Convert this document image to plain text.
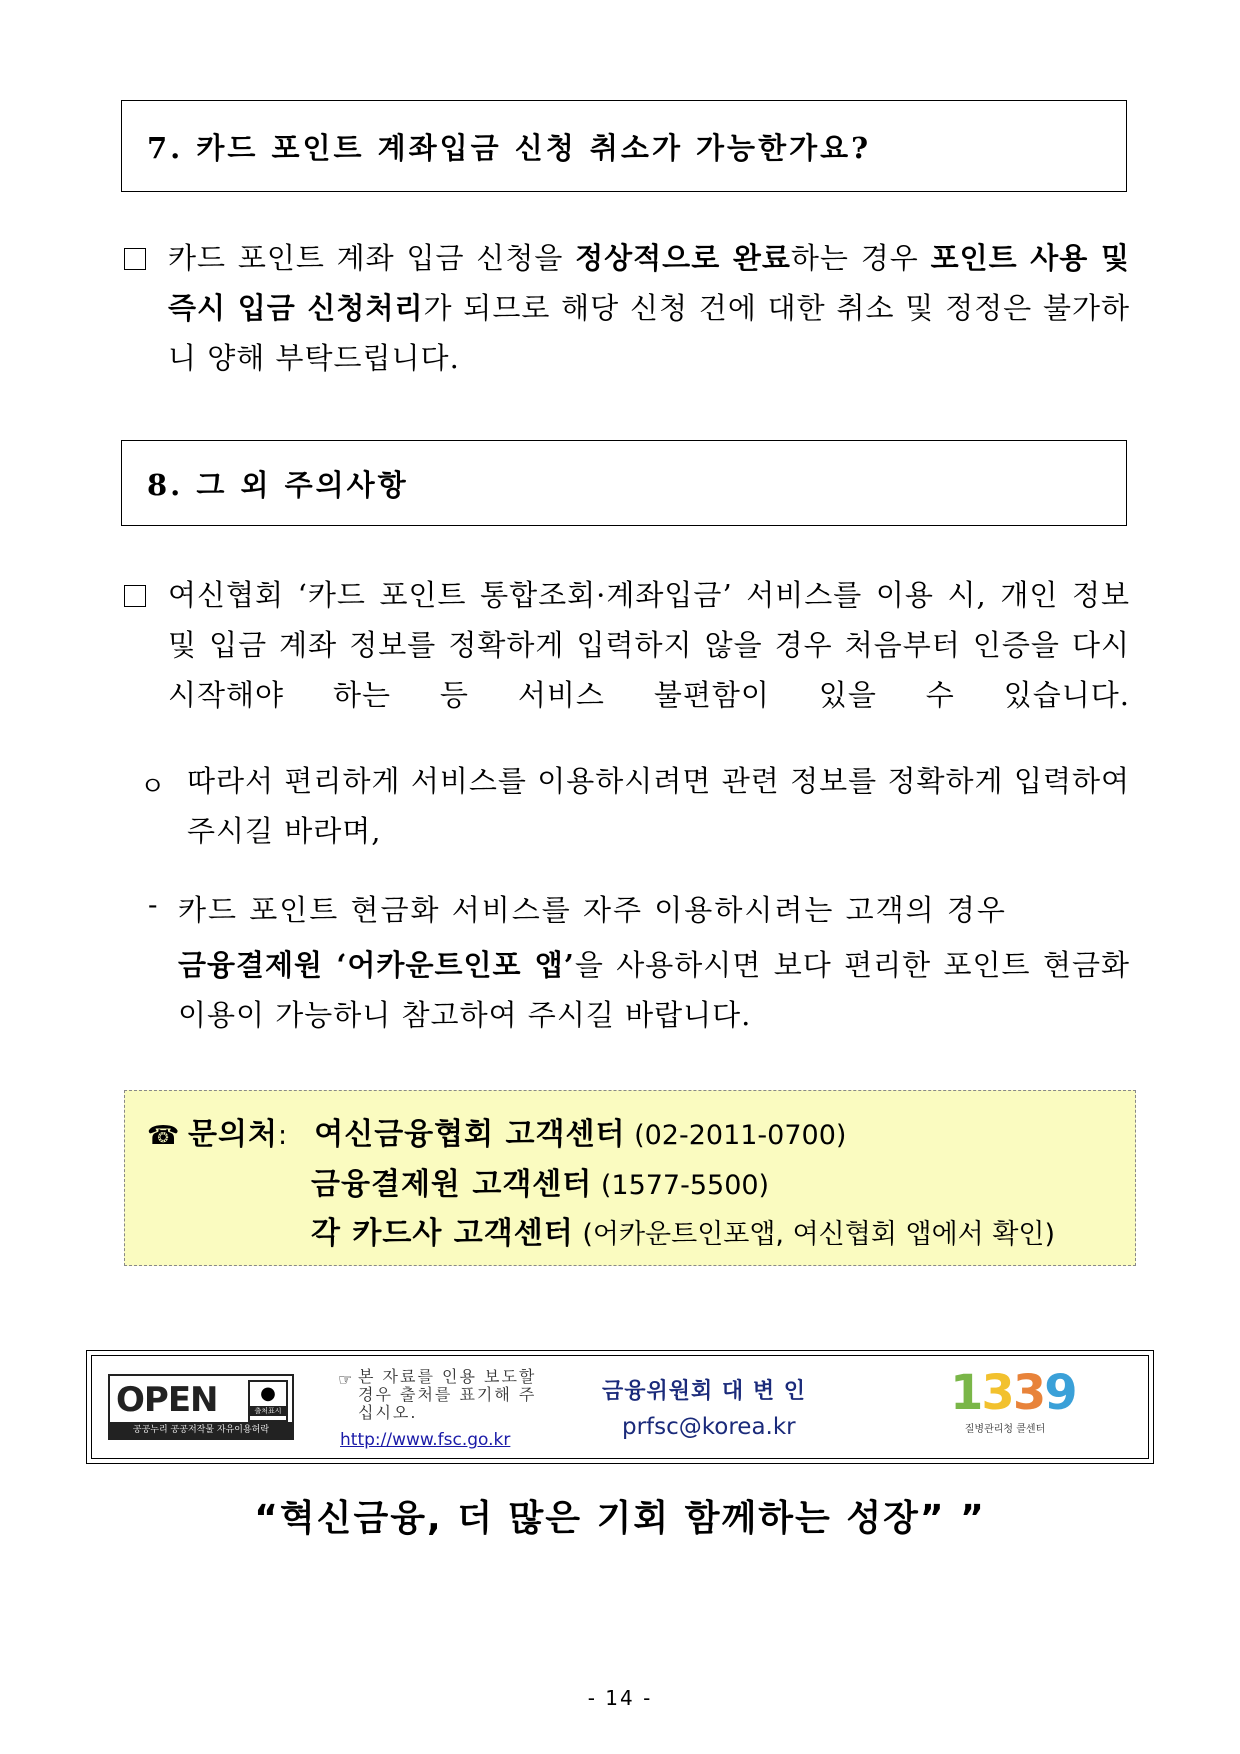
7. 카드 포인트 계좌입금 신청 취소가 가능한가요?
카드 포인트 계좌 입금 신청을 정상적으로 완료하는 경우 포인트 사용 및 즉시 입금 신청처리가 되므로 해당 신청 건에 대한 취소 및 정정은 불가하니 양해 부탁드립니다.
8. 그 외 주의사항
여신협회 ‘카드 포인트 통합조회·계좌입금’ 서비스를 이용 시, 개인 정보 및 입금 계좌 정보를 정확하게 입력하지 않을 경우 처음부터 인증을 다시 시작해야 하는 등 서비스 불편함이 있을 수 있습니다.
ㅇ 따라서 편리하게 서비스를 이용하시려면 관련 정보를 정확하게 입력하여 주시길 바라며,
- 카드 포인트 현금화 서비스를 자주 이용하시려는 고객의 경우
금융결제원 ‘어카운트인포 앱’을 사용하시면 보다 편리한 포인트 현금화 이용이 가능하니 참고하여 주시길 바랍니다.
☎ 문의처: 여신금융협회 고객센터 (02-2011-0700)
금융결제원 고객센터 (1577-5500)
각 카드사 고객센터 (어카운트인포앱, 여신협회 앱에서 확인)
OPEN	●
출처표시
공공누리 공공저작물 자유이용허락
☞ 본 자료를 인용 보도할 경우 출처를 표기해 주십시오.
http://www.fsc.go.kr
금융위원회 대 변 인
prfsc@korea.kr
1339
질병관리청 콜센터
“혁신금융, 더 많은 기회 함께하는 성장” ”
- 14 -
